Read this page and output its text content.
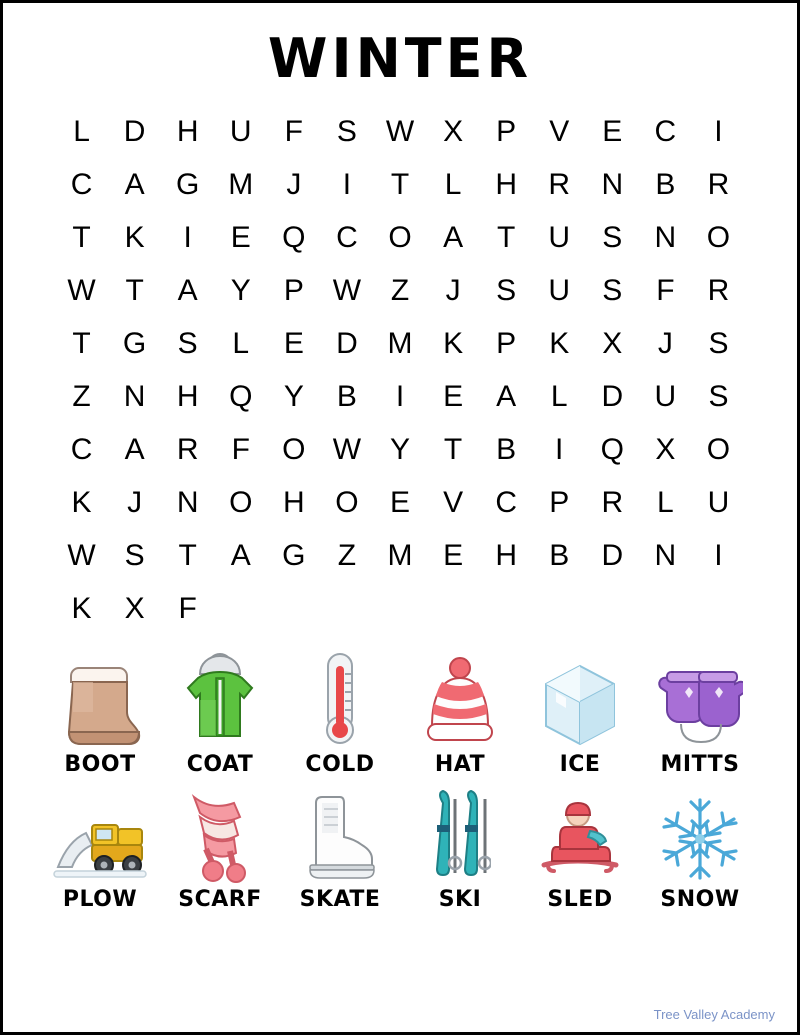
WINTER
L D H U F S W X P V E C I
C A G M J I T L H R N B R
T K I E Q C O A T U S N O
W T A Y P W Z J S U S F R
T G S L E D M K P K X J S
Z N H Q Y B I E A L D U S
C A R F O W Y T B I Q X O
K J N O H O E V C P R L U
W S T A G Z M E H B D N I
K X F
BOOT COAT COLD	HAT	ICE	MITTS
PLOW SCARF SKATE	SKI	SLED SNOW
Tree Valley Academy
